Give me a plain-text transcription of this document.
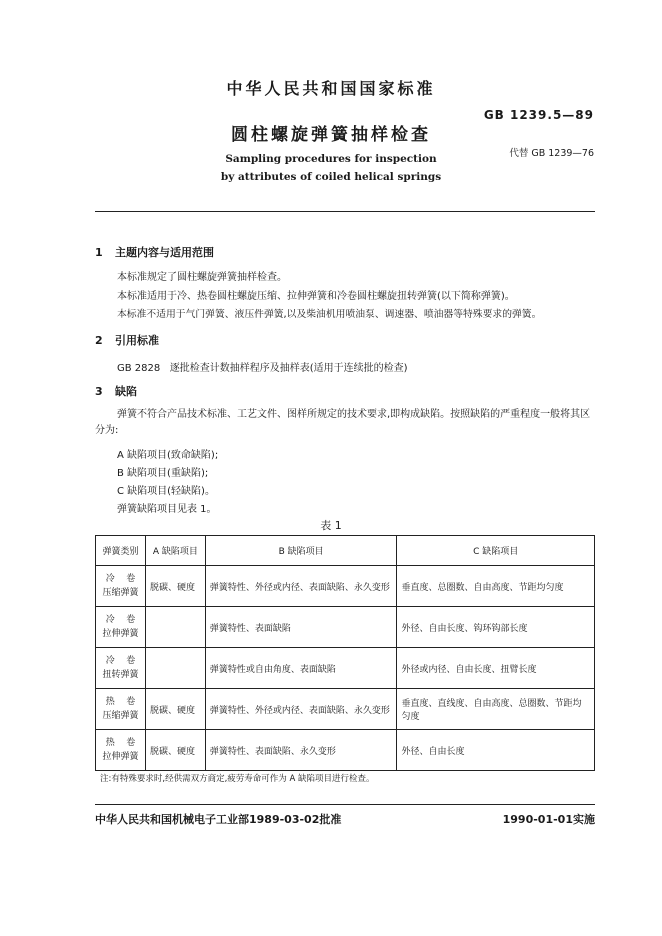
中华人民共和国国家标准
GB 1239.5—89
圆柱螺旋弹簧抽样检查
代替 GB 1239—76
Sampling procedures for inspection
by attributes of coiled helical springs
1 主题内容与适用范围
本标准规定了圆柱螺旋弹簧抽样检查。
本标准适用于冷、热卷圆柱螺旋压缩、拉伸弹簧和冷卷圆柱螺旋扭转弹簧(以下简称弹簧)。
本标准不适用于气门弹簧、液压件弹簧,以及柴油机用喷油泵、调速器、喷油器等特殊要求的弹簧。
2 引用标准
GB 2828   逐批检查计数抽样程序及抽样表(适用于连续批的检查)
3 缺陷
弹簧不符合产品技术标准、工艺文件、图样所规定的技术要求,即构成缺陷。按照缺陷的严重程度一般将其区分为:
A 缺陷项目(致命缺陷);
B 缺陷项目(重缺陷);
C 缺陷项目(轻缺陷)。
弹簧缺陷项目见表 1。
表 1
弹簧类别	A 缺陷项目	B 缺陷项目	C 缺陷项目

冷    卷
压缩弹簧	脱碳、硬度	弹簧特性、外径或内径、表面缺陷、永久变形	垂直度、总圈数、自由高度、节距均匀度

冷    卷
拉伸弹簧		弹簧特性、表面缺陷	外径、自由长度、钩环钩部长度

冷    卷
扭转弹簧		弹簧特性或自由角度、表面缺陷	外径或内径、自由长度、扭臂长度

热    卷
压缩弹簧	脱碳、硬度	弹簧特性、外径或内径、表面缺陷、永久变形	垂直度、直线度、自由高度、总圈数、节距均匀度

热    卷
拉伸弹簧	脱碳、硬度	弹簧特性、表面缺陷、永久变形	外径、自由长度
注:有特殊要求时,经供需双方商定,疲劳寿命可作为 A 缺陷项目进行检查。
中华人民共和国机械电子工业部1989-03-02批准	1990-01-01实施
